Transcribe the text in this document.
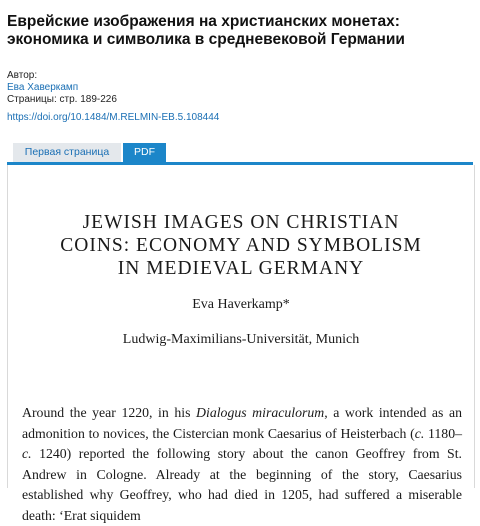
Еврейские изображения на христианских монетах: экономика и символика в средневековой Германии
Автор:
Ева Хаверкамп
Страницы: стр. 189-226
https://doi.org/10.1484/M.RELMIN-EB.5.108444
Первая страница	PDF
JEWISH IMAGES ON CHRISTIAN
COINS: ECONOMY AND SYMBOLISM
IN MEDIEVAL GERMANY
Eva Haverkamp*
Ludwig-Maximilians-Universität, Munich
Around the year 1220, in his Dialogus miraculorum, a work intended as an admonition to novices, the Cistercian monk Caesarius of Heisterbach (c. 1180–c. 1240) reported the following story about the canon Geoffrey from St. Andrew in Cologne. Already at the beginning of the story, Caesarius established why Geoffrey, who had died in 1205, had suffered a miserable death: ‘Erat siquidem
